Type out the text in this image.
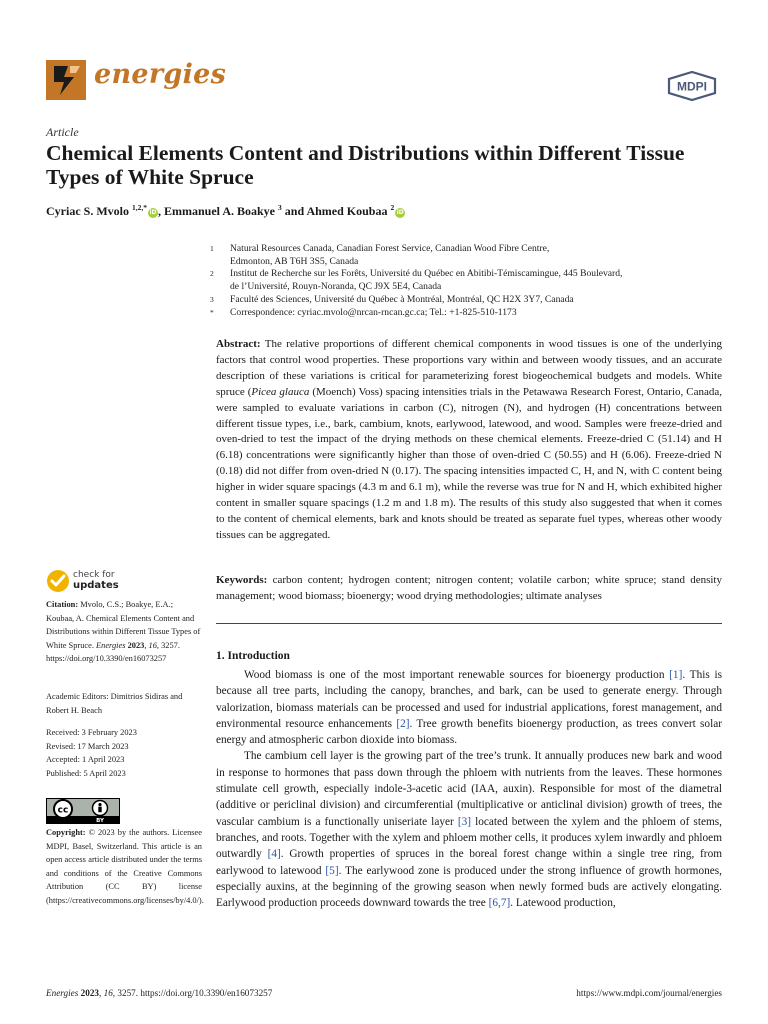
energies	MDPI
Article
Chemical Elements Content and Distributions within Different Tissue Types of White Spruce
Cyriac S. Mvolo $^{1,2,*}$iD, Emmanuel A. Boakye $^3$ and Ahmed Koubaa $^2$iD
1	Natural Resources Canada, Canadian Forest Service, Canadian Wood Fibre Centre,
Edmonton, AB T6H 3S5, Canada
2	Institut de Recherche sur les Forêts, Université du Québec en Abitibi-Témiscamingue, 445 Boulevard,
de l’Université, Rouyn-Noranda, QC J9X 5E4, Canada
3	Faculté des Sciences, Université du Québec à Montréal, Montréal, QC H2X 3Y7, Canada
*	Correspondence: cyriac.mvolo@nrcan-rncan.gc.ca; Tel.: +1-825-510-1173
Abstract: The relative proportions of different chemical components in wood tissues is one of the underlying factors that control wood properties. These proportions vary within and between woody tissues, and an accurate description of these variations is critical for parameterizing forest biogeochemical budgets and models. White spruce (Picea glauca (Moench) Voss) spacing intensities trials in the Petawawa Research Forest, Ontario, Canada, were sampled to evaluate variations in carbon (C), nitrogen (N), and hydrogen (H) concentrations between different tissue types, i.e., bark, cambium, knots, earlywood, latewood, and wood. Samples were freeze-dried and oven-dried to test the impact of the drying methods on these chemical elements. Freeze-dried C (51.14) and H (6.18) concentrations were significantly higher than those of oven-dried C (50.55) and H (6.06). Freeze-dried N (0.18) did not differ from oven-dried N (0.17). The spacing intensities impacted C, H, and N, with C content being higher in wider square spacings (4.3 m and 6.1 m), while the reverse was true for N and H, which exhibited higher content in smaller square spacings (1.2 m and 1.8 m). The results of this study also suggested that when it comes to the content of chemical elements, bark and knots should be treated as separate fuel types, whereas other woody tissues can be aggregated.
Keywords: carbon content; hydrogen content; nitrogen content; volatile carbon; white spruce; stand density management; wood biomass; bioenergy; wood drying methodologies; ultimate analyses
1. Introduction

Wood biomass is one of the most important renewable sources for bioenergy production [1]. This is because all tree parts, including the canopy, branches, and bark, can be used to generate energy. Through valorization, biomass materials can be processed and used for industrial applications, forest management, and environmental resource enhancements [2]. Tree growth benefits bioenergy production, as trees convert solar energy and atmospheric carbon dioxide into biomass.

The cambium cell layer is the growing part of the tree’s trunk. It annually produces new bark and wood in response to hormones that pass down through the phloem with nutrients from the leaves. These hormones stimulate cell growth, especially indole-3-acetic acid (IAA, auxin). Responsible for most of the diametral (additive or periclinal division) and circumferential (multiplicative or anticlinal division) growth of trees, the vascular cambium is a functionally uniseriate layer [3] located between the xylem and the phloem of stems, branches, and roots. Together with the xylem and phloem mother cells, it produces xylem inwardly and phloem outwardly [4]. Growth properties of spruces in the boreal forest change within a single tree ring, from earlywood to latewood [5]. The earlywood zone is produced under the strong influence of growth hormones, especially auxins, at the beginning of the growing season when newly formed buds are actively elongating. Earlywood production proceeds downward towards the tree [6,7]. Latewood production,

check for
updates
Citation: Mvolo, C.S.; Boakye, E.A.; Koubaa, A. Chemical Elements Content and Distributions within Different Tissue Types of White Spruce. Energies 2023, 16, 3257. https://doi.org/10.3390/en16073257
Academic Editors: Dimitrios Sidiras and Robert H. Beach
Received: 3 February 2023
Revised: 17 March 2023
Accepted: 1 April 2023
Published: 5 April 2023
cc
BY
Copyright: © 2023 by the authors. Licensee MDPI, Basel, Switzerland. This article is an open access article distributed under the terms and conditions of the Creative Commons Attribution (CC BY) license (https://creativecommons.org/licenses/by/4.0/).
Energies 2023, 16, 3257. https://doi.org/10.3390/en16073257	https://www.mdpi.com/journal/energies
